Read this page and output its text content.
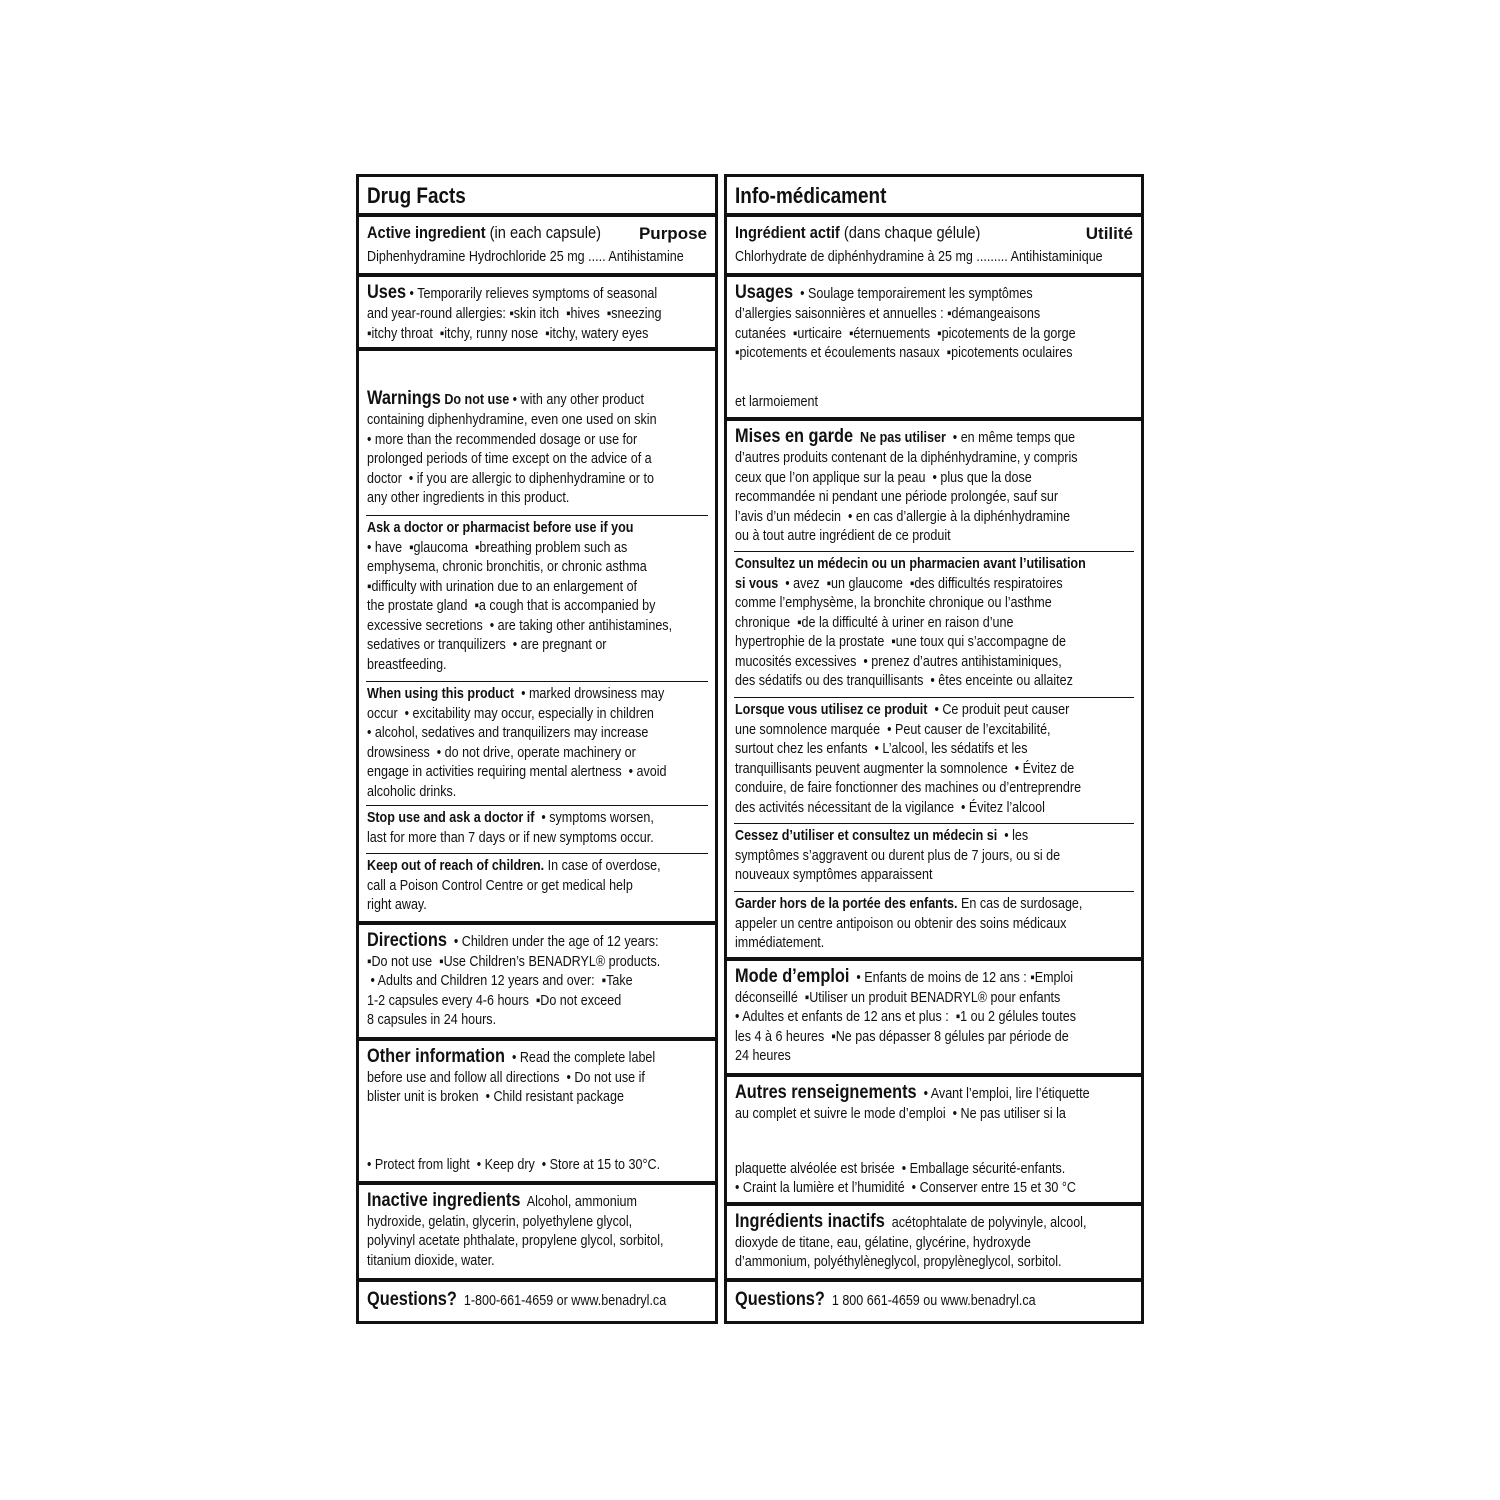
Drug Facts
Active ingredient (in each capsule)	Purpose
Diphenhydramine Hydrochloride 25 mg ..... Antihistamine
Uses • Temporarily relieves symptoms of seasonal
and year-round allergies: ▪skin itch  ▪hives  ▪sneezing
▪itchy throat  ▪itchy, runny nose  ▪itchy, watery eyes
Warnings Do not use • with any other product
containing diphenhydramine, even one used on skin
• more than the recommended dosage or use for
prolonged periods of time except on the advice of a
doctor  • if you are allergic to diphenhydramine or to
any other ingredients in this product.
Ask a doctor or pharmacist before use if you
• have  ▪glaucoma  ▪breathing problem such as
emphysema, chronic bronchitis, or chronic asthma
▪difficulty with urination due to an enlargement of
the prostate gland  ▪a cough that is accompanied by
excessive secretions  • are taking other antihistamines,
sedatives or tranquilizers  • are pregnant or
breastfeeding.
When using this product  • marked drowsiness may
occur  • excitability may occur, especially in children
• alcohol, sedatives and tranquilizers may increase
drowsiness  • do not drive, operate machinery or
engage in activities requiring mental alertness  • avoid
alcoholic drinks.
Stop use and ask a doctor if  • symptoms worsen,
last for more than 7 days or if new symptoms occur.
Keep out of reach of children. In case of overdose,
call a Poison Control Centre or get medical help
right away.
Directions  • Children under the age of 12 years:
▪Do not use  ▪Use Children’s BENADRYL® products.
• Adults and Children 12 years and over:  ▪Take
1-2 capsules every 4-6 hours  ▪Do not exceed
8 capsules in 24 hours.
Other information  • Read the complete label
before use and follow all directions  • Do not use if
blister unit is broken  • Child resistant package
• Protect from light  • Keep dry  • Store at 15 to 30°C.
Inactive ingredients  Alcohol, ammonium
hydroxide, gelatin, glycerin, polyethylene glycol,
polyvinyl acetate phthalate, propylene glycol, sorbitol,
titanium dioxide, water.
Questions?  1-800-661-4659 or www.benadryl.ca
Info-médicament
Ingrédient actif (dans chaque gélule)	Utilité
Chlorhydrate de diphénhydramine à 25 mg ......... Antihistaminique
Usages  • Soulage temporairement les symptômes
d’allergies saisonnières et annuelles : ▪démangeaisons
cutanées  ▪urticaire  ▪éternuements  ▪picotements de la gorge
▪picotements et écoulements nasaux  ▪picotements oculaires
et larmoiement
Mises en garde  Ne pas utiliser  • en même temps que
d’autres produits contenant de la diphénhydramine, y compris
ceux que l’on applique sur la peau  • plus que la dose
recommandée ni pendant une période prolongée, sauf sur
l’avis d’un médecin  • en cas d’allergie à la diphénhydramine
ou à tout autre ingrédient de ce produit
Consultez un médecin ou un pharmacien avant l’utilisation
si vous  • avez  ▪un glaucome  ▪des difficultés respiratoires
comme l’emphysème, la bronchite chronique ou l’asthme
chronique  ▪de la difficulté à uriner en raison d’une
hypertrophie de la prostate  ▪une toux qui s’accompagne de
mucosités excessives  • prenez d’autres antihistaminiques,
des sédatifs ou des tranquillisants  • êtes enceinte ou allaitez
Lorsque vous utilisez ce produit  • Ce produit peut causer
une somnolence marquée  • Peut causer de l’excitabilité,
surtout chez les enfants  • L’alcool, les sédatifs et les
tranquillisants peuvent augmenter la somnolence  • Évitez de
conduire, de faire fonctionner des machines ou d’entreprendre
des activités nécessitant de la vigilance  • Évitez l’alcool
Cessez d’utiliser et consultez un médecin si  • les
symptômes s’aggravent ou durent plus de 7 jours, ou si de
nouveaux symptômes apparaissent
Garder hors de la portée des enfants. En cas de surdosage,
appeler un centre antipoison ou obtenir des soins médicaux
immédiatement.
Mode d’emploi  • Enfants de moins de 12 ans : ▪Emploi
déconseillé  ▪Utiliser un produit BENADRYL® pour enfants
• Adultes et enfants de 12 ans et plus :  ▪1 ou 2 gélules toutes
les 4 à 6 heures  ▪Ne pas dépasser 8 gélules par période de
24 heures
Autres renseignements  • Avant l’emploi, lire l’étiquette
au complet et suivre le mode d’emploi  • Ne pas utiliser si la
plaquette alvéolée est brisée  • Emballage sécurité-enfants.
• Craint la lumière et l’humidité  • Conserver entre 15 et 30 °C
Ingrédients inactifs  acétophtalate de polyvinyle, alcool,
dioxyde de titane, eau, gélatine, glycérine, hydroxyde
d’ammonium, polyéthylèneglycol, propylèneglycol, sorbitol.
Questions?  1 800 661-4659 ou www.benadryl.ca
